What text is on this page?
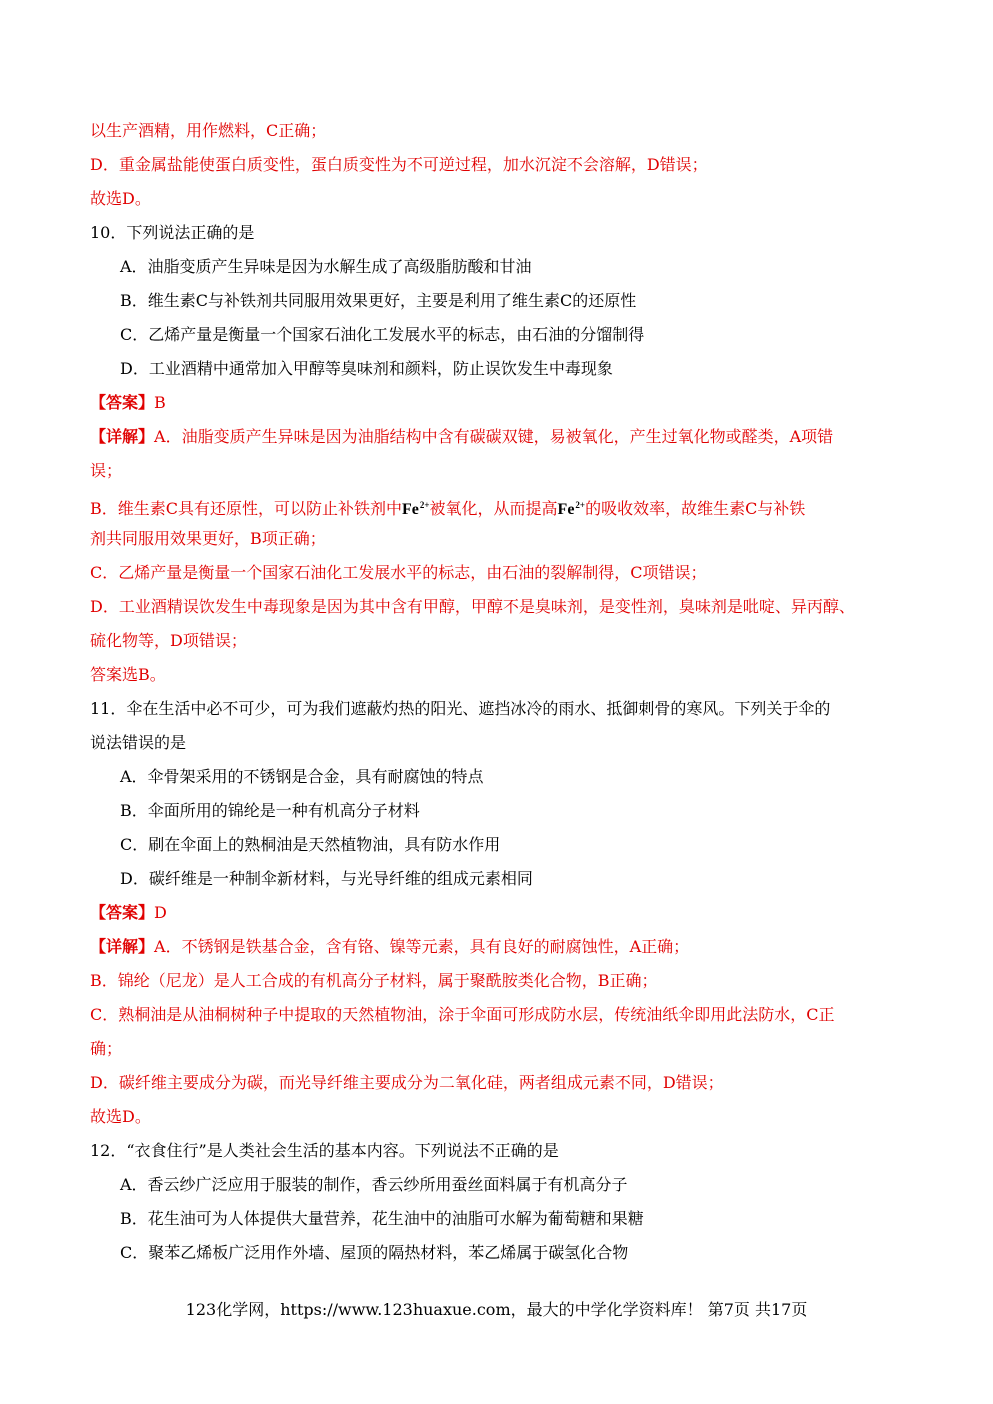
以生产酒精，用作燃料，C正确；
D．重金属盐能使蛋白质变性，蛋白质变性为不可逆过程，加水沉淀不会溶解，D错误；
故选D。
10．下列说法正确的是
A．油脂变质产生异味是因为水解生成了高级脂肪酸和甘油
B．维生素C与补铁剂共同服用效果更好，主要是利用了维生素C的还原性
C．乙烯产量是衡量一个国家石油化工发展水平的标志，由石油的分馏制得
D．工业酒精中通常加入甲醇等臭味剂和颜料，防止误饮发生中毒现象
【答案】B
【详解】A．油脂变质产生异味是因为油脂结构中含有碳碳双键，易被氧化，产生过氧化物或醛类，A项错
误；
B．维生素C具有还原性，可以防止补铁剂中$Fe^{2+}$被氧化，从而提高$Fe^{2+}$的吸收效率，故维生素C与补铁
剂共同服用效果更好，B项正确；
C．乙烯产量是衡量一个国家石油化工发展水平的标志，由石油的裂解制得，C项错误；
D．工业酒精误饮发生中毒现象是因为其中含有甲醇，甲醇不是臭味剂，是变性剂，臭味剂是吡啶、异丙醇、
硫化物等，D项错误；
答案选B。
11．伞在生活中必不可少，可为我们遮蔽灼热的阳光、遮挡冰冷的雨水、抵御刺骨的寒风。下列关于伞的
说法错误的是
A．伞骨架采用的不锈钢是合金，具有耐腐蚀的特点
B．伞面所用的锦纶是一种有机高分子材料
C．刷在伞面上的熟桐油是天然植物油，具有防水作用
D．碳纤维是一种制伞新材料，与光导纤维的组成元素相同
【答案】D
【详解】A．不锈钢是铁基合金，含有铬、镍等元素，具有良好的耐腐蚀性，A正确；
B．锦纶（尼龙）是人工合成的有机高分子材料，属于聚酰胺类化合物，B正确；
C．熟桐油是从油桐树种子中提取的天然植物油，涂于伞面可形成防水层，传统油纸伞即用此法防水，C正
确；
D．碳纤维主要成分为碳，而光导纤维主要成分为二氧化硅，两者组成元素不同，D错误；
故选D。
12．“衣食住行”是人类社会生活的基本内容。下列说法不正确的是
A．香云纱广泛应用于服装的制作，香云纱所用蚕丝面料属于有机高分子
B．花生油可为人体提供大量营养，花生油中的油脂可水解为葡萄糖和果糖
C．聚苯乙烯板广泛用作外墙、屋顶的隔热材料，苯乙烯属于碳氢化合物
123化学网，https://www.123huaxue.com，最大的中学化学资料库！ 第7页 共17页
